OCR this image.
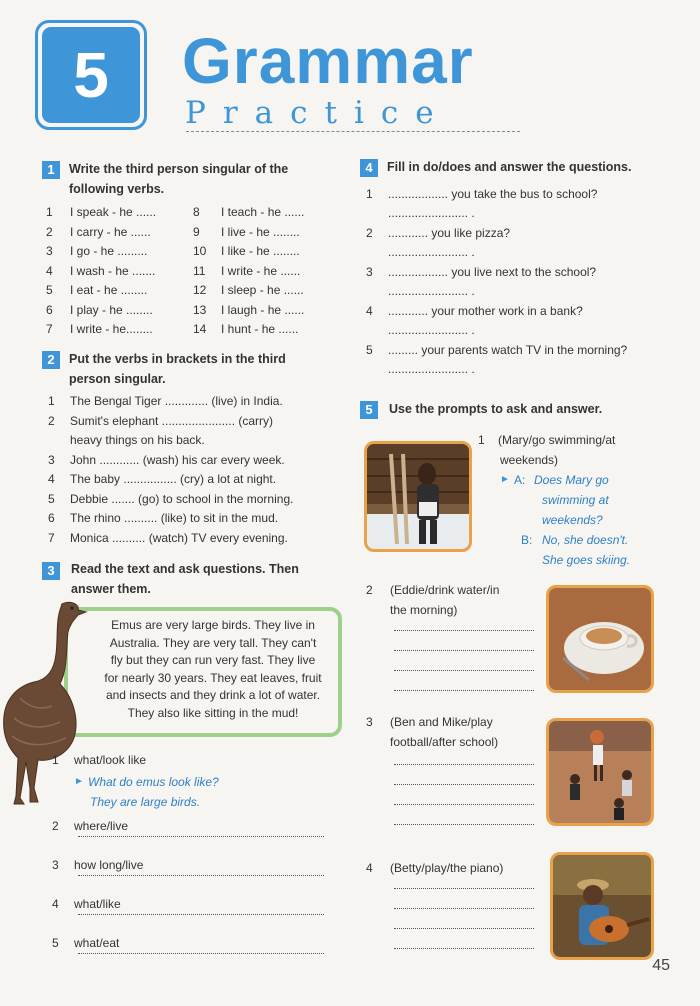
5	Grammar
Practice
1	Write the third person singular of the
following verbs.
1	I speak - he ......
2	I carry - he ......
3	I go - he .........
4	I wash - he .......
5	I eat - he ........
6	I play - he ........
7	I write - he........
8	I teach - he ......
9	I live - he ........
10	I like - he ........
11	I write - he ......
12	I sleep - he ......
13	I laugh - he ......
14	I hunt - he ......
2	Put the verbs in brackets in the third
person singular.
1	The Bengal Tiger ............. (live) in India.
2	Sumit's elephant ...................... (carry)
heavy things on his back.
3	John ............ (wash) his car every week.
4	The baby ................ (cry) a lot at night.
5	Debbie ....... (go) to school in the morning.
6	The rhino .......... (like) to sit in the mud.
7	Monica .......... (watch) TV every evening.
3	Read the text and ask questions. Then
answer them.
Emus are very large birds. They live in
Australia. They are very tall. They can't
fly but they can run very fast. They live
for nearly 30 years. They eat leaves, fruit
and insects and they drink a lot of water.
They also like sitting in the mud!
1	what/look like
► What do emus look like?
They are large birds.
2	where/live
3	how long/live
4	what/like
5	what/eat
4	Fill in do/does and answer the questions.
1	.................. you take the bus to school?
........................ .
2	............ you like pizza?
........................ .
3	.................. you live next to the school?
........................ .
4	............ your mother work in a bank?
........................ .
5	......... your parents watch TV in the morning?
........................ .
5	Use the prompts to ask and answer.
1	(Mary/go swimming/at
weekends)
► A: Does Mary go
swimming at
weekends?
B: No, she doesn't.
She goes skiing.
2	(Eddie/drink water/in
the morning)
3	(Ben and Mike/play
football/after school)
4	(Betty/play/the piano)
45
